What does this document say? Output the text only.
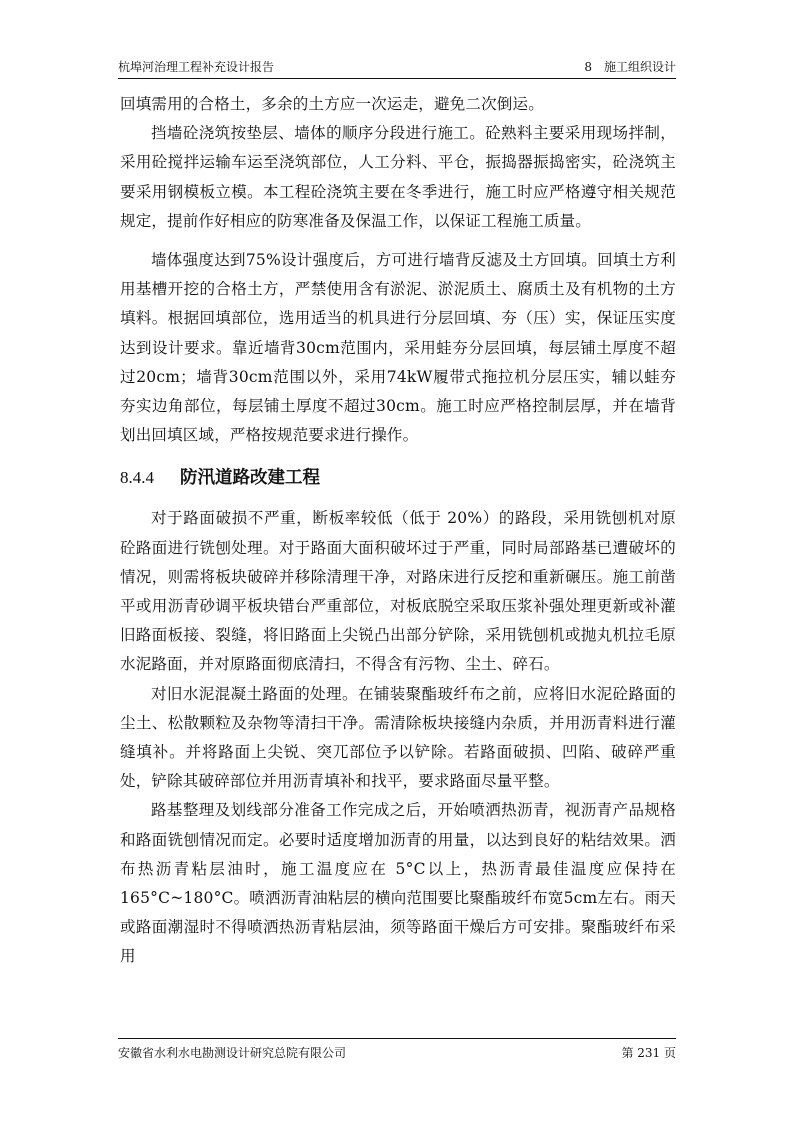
杭埠河治理工程补充设计报告	8　施工组织设计

回填需用的合格土，多余的土方应一次运走，避免二次倒运。

挡墙砼浇筑按垫层、墙体的顺序分段进行施工。砼熟料主要采用现场拌制，采用砼搅拌运输车运至浇筑部位，人工分料、平仓，振捣器振捣密实，砼浇筑主要采用钢模板立模。本工程砼浇筑主要在冬季进行，施工时应严格遵守相关规范规定，提前作好相应的防寒准备及保温工作，以保证工程施工质量。

墙体强度达到75%设计强度后，方可进行墙背反滤及土方回填。回填土方利用基槽开挖的合格土方，严禁使用含有淤泥、淤泥质土、腐质土及有机物的土方填料。根据回填部位，选用适当的机具进行分层回填、夯（压）实，保证压实度达到设计要求。靠近墙背30cm范围内，采用蛙夯分层回填，每层铺土厚度不超过20cm；墙背30cm范围以外，采用74kW履带式拖拉机分层压实，辅以蛙夯夯实边角部位，每层铺土厚度不超过30cm。施工时应严格控制层厚，并在墙背划出回填区域，严格按规范要求进行操作。

8.4.4 防汛道路改建工程

对于路面破损不严重，断板率较低（低于 20%）的路段，采用铣刨机对原砼路面进行铣刨处理。对于路面大面积破坏过于严重，同时局部路基已遭破坏的情况，则需将板块破碎并移除清理干净，对路床进行反挖和重新碾压。施工前凿平或用沥青砂调平板块错台严重部位，对板底脱空采取压浆补强处理更新或补灌旧路面板接、裂缝，将旧路面上尖锐凸出部分铲除，采用铣刨机或抛丸机拉毛原水泥路面，并对原路面彻底清扫，不得含有污物、尘土、碎石。

对旧水泥混凝土路面的处理。在铺装聚酯玻纤布之前，应将旧水泥砼路面的尘土、松散颗粒及杂物等清扫干净。需清除板块接缝内杂质，并用沥青料进行灌缝填补。并将路面上尖锐、突兀部位予以铲除。若路面破损、凹陷、破碎严重处，铲除其破碎部位并用沥青填补和找平，要求路面尽量平整。

路基整理及划线部分准备工作完成之后，开始喷洒热沥青，视沥青产品规格和路面铣刨情况而定。必要时适度增加沥青的用量，以达到良好的粘结效果。洒布热沥青粘层油时，施工温度应在 5°C以上，热沥青最佳温度应保持在165°C~180°C。喷洒沥青油粘层的横向范围要比聚酯玻纤布宽5cm左右。雨天或路面潮湿时不得喷洒热沥青粘层油，须等路面干燥后方可安排。聚酯玻纤布采用

安徽省水利水电勘测设计研究总院有限公司	第 231 页
